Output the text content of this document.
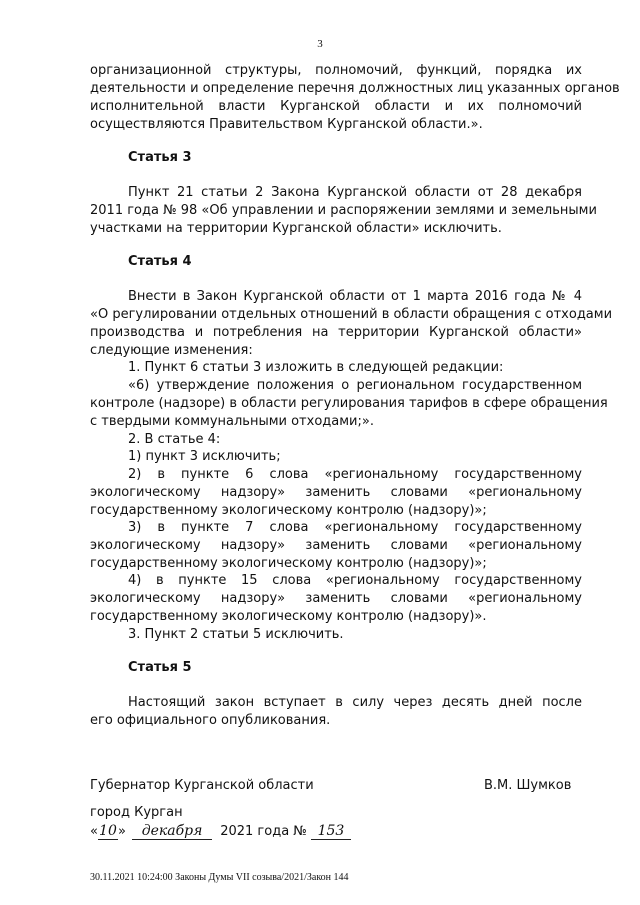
3
организационной структуры, полномочий, функций, порядка их
деятельности и определение перечня должностных лиц указанных органов
исполнительной власти Курганской области и их полномочий
осуществляются Правительством Курганской области.».
Статья 3
Пункт 21 статьи 2 Закона Курганской области от 28 декабря
2011 года № 98 «Об управлении и распоряжении землями и земельными
участками на территории Курганской области» исключить.
Статья 4
Внести в Закон Курганской области от 1 марта 2016 года № 4
«О регулировании отдельных отношений в области обращения с отходами
производства и потребления на территории Курганской области»
следующие изменения:
1. Пункт 6 статьи 3 изложить в следующей редакции:
«6) утверждение положения о региональном государственном
контроле (надзоре) в области регулирования тарифов в сфере обращения
с твердыми коммунальными отходами;».
2. В статье 4:
1) пункт 3 исключить;
2) в пункте 6 слова «региональному государственному
экологическому надзору» заменить словами «региональному
государственному экологическому контролю (надзору)»;
3) в пункте 7 слова «региональному государственному
экологическому надзору» заменить словами «региональному
государственному экологическому контролю (надзору)»;
4) в пункте 15 слова «региональному государственному
экологическому надзору» заменить словами «региональному
государственному экологическому контролю (надзору)».
3. Пункт 2 статьи 5 исключить.
Статья 5
Настоящий закон вступает в силу через десять дней после
его официального опубликования.
Губернатор Курганской области	В.М. Шумков
город Курган
«10» декабря 2021 года № 153
30.11.2021 10:24:00 Законы Думы VII созыва/2021/Закон 144
